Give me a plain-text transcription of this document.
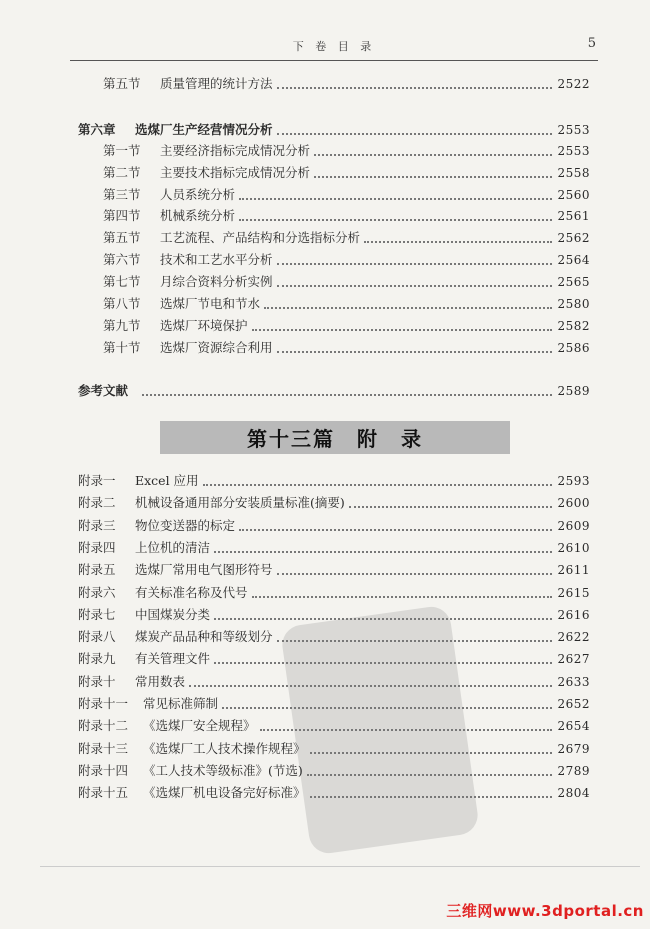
下 卷 目 录	5
第五节	质量管理的统计方法	2522
第六章	选煤厂生产经营情况分析	2553
第一节	主要经济指标完成情况分析	2553
第二节	主要技术指标完成情况分析	2558
第三节	人员系统分析	2560
第四节	机械系统分析	2561
第五节	工艺流程、产品结构和分选指标分析	2562
第六节	技术和工艺水平分析	2564
第七节	月综合资料分析实例	2565
第八节	选煤厂节电和节水	2580
第九节	选煤厂环境保护	2582
第十节	选煤厂资源综合利用	2586
参考文献	2589
附录一	Excel 应用	2593
附录二	机械设备通用部分安装质量标准(摘要)	2600
附录三	物位变送器的标定	2609
附录四	上位机的清洁	2610
附录五	选煤厂常用电气图形符号	2611
附录六	有关标准名称及代号	2615
附录七	中国煤炭分类	2616
附录八	煤炭产品品种和等级划分	2622
附录九	有关管理文件	2627
附录十	常用数表	2633
附录十一	常见标准筛制	2652
附录十二	《选煤厂安全规程》	2654
附录十三	《选煤厂工人技术操作规程》	2679
附录十四	《工人技术等级标准》(节选)	2789
附录十五	《选煤厂机电设备完好标准》	2804
第十三篇 附　录
三维网www.3dportal.cn
